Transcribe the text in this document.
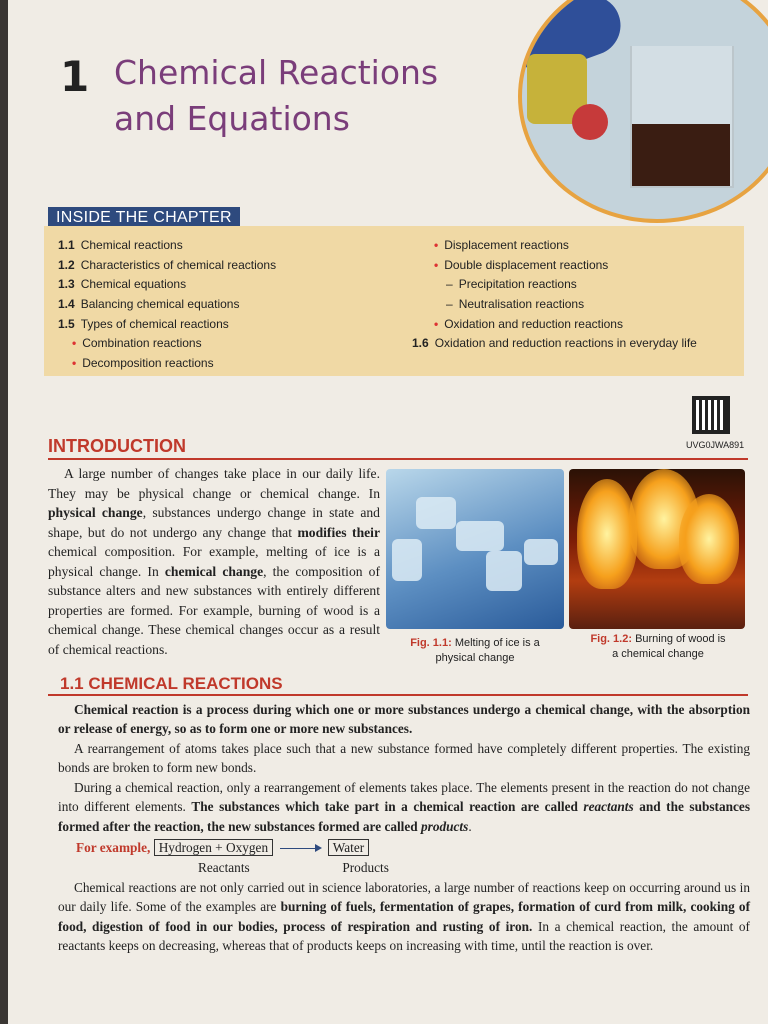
1 Chemical Reactions
and Equations
INSIDE THE CHAPTER
1.1 Chemical reactions
1.2 Characteristics of chemical reactions
1.3 Chemical equations
1.4 Balancing chemical equations
1.5 Types of chemical reactions
• Combination reactions
• Decomposition reactions
• Displacement reactions
• Double displacement reactions
– Precipitation reactions
– Neutralisation reactions
• Oxidation and reduction reactions
1.6 Oxidation and reduction reactions in everyday life
UVG0JWA891
INTRODUCTION
A large number of changes take place in our daily life. They may be physical change or chemical change. In physical change, substances undergo change in state and shape, but do not undergo any change that modifies their chemical composition. For example, melting of ice is a physical change. In chemical change, the composition of substance alters and new substances with entirely different properties are formed. For example, burning of wood is a chemical change. These chemical changes occur as a result of chemical reactions.	Fig. 1.1: Melting of ice is a
physical change
Fig. 1.2: Burning of wood is
a chemical change
1.1 CHEMICAL REACTIONS
Chemical reaction is a process during which one or more substances undergo a chemical change, with the absorption or release of energy, so as to form one or more new substances.
A rearrangement of atoms takes place such that a new substance formed have completely different properties. The existing bonds are broken to form new bonds.
During a chemical reaction, only a rearrangement of elements takes place. The elements present in the reaction do not change into different elements. The substances which take part in a chemical reaction are called reactants and the substances formed after the reaction, the new substances formed are called products.
For example, Hydrogen + Oxygen	Water
Reactants	Products
Chemical reactions are not only carried out in science laboratories, a large number of reactions keep on occurring around us in our daily life. Some of the examples are burning of fuels, fermentation of grapes, formation of curd from milk, cooking of food, digestion of food in our bodies, process of respiration and rusting of iron. In a chemical reaction, the amount of reactants keeps on decreasing, whereas that of products keeps on increasing with time, until the reaction is over.
